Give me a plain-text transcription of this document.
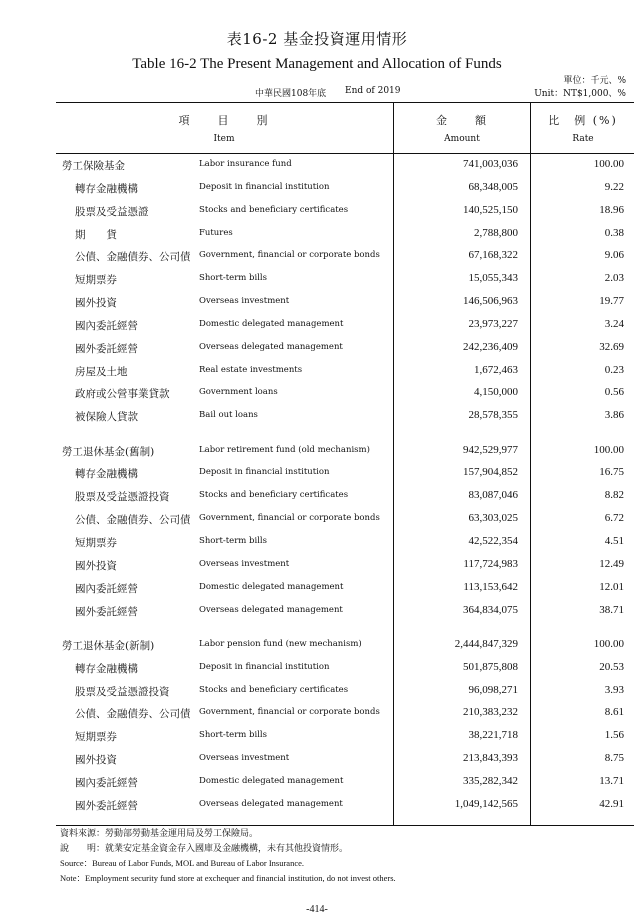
表16-2 基金投資運用情形
Table 16-2 The Present Management and Allocation of Funds
單位：千元、%
Unit：NT$1,000、%
中華民國108年底 End of 2019
項　　目　　別
Item
金　　額
Amount
比　例 (%)
Rate
勞工保險基金	Labor insurance fund	741,003,036	100.00
轉存金融機構	Deposit in financial institution	68,348,005	9.22
股票及受益憑證	Stocks and beneficiary certificates	140,525,150	18.96
期　　貨	Futures	2,788,800	0.38
公債、金融債券、公司債 Government, financial or corporate bonds	67,168,322	9.06
短期票券	Short-term bills	15,055,343	2.03
國外投資	Overseas investment	146,506,963	19.77
國內委託經營	Domestic delegated management	23,973,227	3.24
國外委託經營	Overseas delegated management	242,236,409	32.69
房屋及土地	Real estate investments	1,672,463	0.23
政府或公營事業貸款	Government loans	4,150,000	0.56
被保險人貸款	Bail out loans	28,578,355	3.86
勞工退休基金(舊制)	Labor retirement fund (old mechanism)	942,529,977	100.00
轉存金融機構	Deposit in financial institution	157,904,852	16.75
股票及受益憑證投資	Stocks and beneficiary certificates	83,087,046	8.82
公債、金融債券、公司債 Government, financial or corporate bonds	63,303,025	6.72
短期票券	Short-term bills	42,522,354	4.51
國外投資	Overseas investment	117,724,983	12.49
國內委託經營	Domestic delegated management	113,153,642	12.01
國外委託經營	Overseas delegated management	364,834,075	38.71
勞工退休基金(新制)	Labor pension fund (new mechanism)	2,444,847,329	100.00
轉存金融機構	Deposit in financial institution	501,875,808	20.53
股票及受益憑證投資	Stocks and beneficiary certificates	96,098,271	3.93
公債、金融債券、公司債 Government, financial or corporate bonds	210,383,232	8.61
短期票券	Short-term bills	38,221,718	1.56
國外投資	Overseas investment	213,843,393	8.75
國內委託經營	Domestic delegated management	335,282,342	13.71
國外委託經營	Overseas delegated management	1,049,142,565	42.91
資料來源：勞動部勞動基金運用局及勞工保險局。
說　　明：就業安定基金資金存入國庫及金融機構，未有其他投資情形。
Source：Bureau of Labor Funds, MOL and Bureau of Labor Insurance.
Note：Employment security fund store at exchequer and financial institution, do not invest others.
-414-
